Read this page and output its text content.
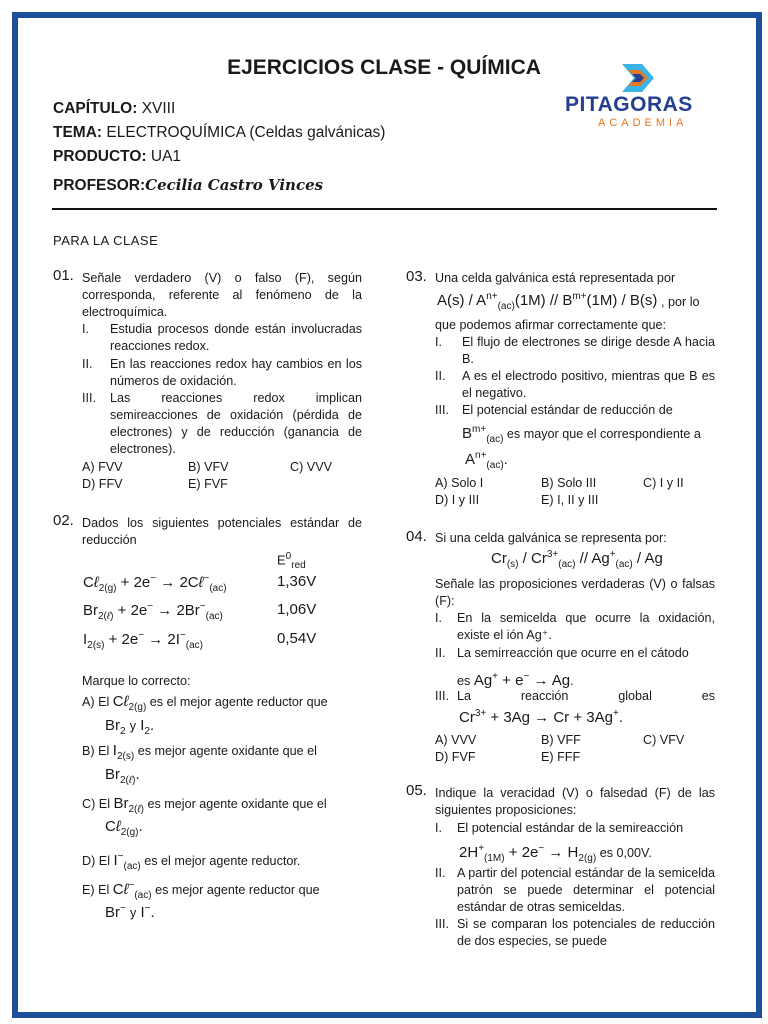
EJERCICIOS CLASE - QUÍMICA
CAPÍTULO: XVIII
TEMA: ELECTROQUÍMICA (Celdas galvánicas)
PRODUCTO: UA1
PROFESOR:Cecilia Castro Vinces
PITAGORAS
ACADEMIA
PARA LA CLASE
01. Señale verdadero (V) o falso (F), según corresponda, referente al fenómeno de la electroquímica.
I. Estudia procesos donde están involucradas reacciones redox.
II. En las reacciones redox hay cambios en los números de oxidación.
III. Las reacciones redox implican semireacciones de oxidación (pérdida de electrones) y de reducción (ganancia de electrones).
A) FVV	B) VFV	C) VVV
D) FFV	E) FVF
02. Dados los siguientes potenciales estándar de reducción
$E^0_{red}$
Cℓ$_{2(g)}$ + 2e− → 2Cℓ−$_{(ac)}$	1,36V
$Br_{2(\ell)} + 2e^- \to 2Br^-_{(ac)}$	1,06V
$I_{2(s)} + 2e^- \to 2I^-_{(ac)}$	0,54V
Marque lo correcto:
A) El Cℓ$_{2(g)}$ es el mejor agente reductor que
$Br_2$ y $I_2$.
B) El $I_{2(s)}$ es mejor agente oxidante que el
$Br_{2(\ell)}$.
C) El $Br_{2(\ell)}$ es mejor agente oxidante que el
Cℓ$_{2(g)}$.
D) El $I^-_{(ac)}$ es el mejor agente reductor.
E) El Cℓ−$_{(ac)}$ es mejor agente reductor que
Br− y I−.
03. Una celda galvánica está representada por
$A(s) / A^{n+}_{(ac)}(1M) // B^{m+}(1M) / B(s)$ , por lo
que podemos afirmar correctamente que:
I. El flujo de electrones se dirige desde A hacia B.
II. A es el electrodo positivo, mientras que B es el negativo.
III. El potencial estándar de reducción de
$B^{m+}_{(ac)}$ es mayor que el correspondiente a
$A^{n+}_{(ac)}$.
A) Solo I	B) Solo III	C) I y II
D) I y III	E) I, II y III
04. Si una celda galvánica se representa por:
$Cr_{(s)} / Cr^{3+}_{(ac)} // Ag^+_{(ac)}$ / Ag
Señale las proposiciones verdaderas (V) o falsas (F):
I. En la semicelda que ocurre la oxidación, existe el ión Ag⁺.
II. La semirreacción que ocurre en el cátodo
es Ag+ + e− → Ag.
III. La	reacción	global	es
$Cr^{3+} + 3Ag \to Cr + 3Ag^+$.
A) VVV	B) VFF	C) VFV
D) FVF	E) FFF
05. Indique la veracidad (V) o falsedad (F) de las siguientes proposiciones:
I. El potencial estándar de la semireacción
$2H^+_{(1M)} + 2e^- \to H_{2(g)}$ es 0,00V.
II. A partir del potencial estándar de la semicelda patrón se puede determinar el potencial estándar de otras semiceldas.
III. Si se comparan los potenciales de reducción de dos especies, se puede
